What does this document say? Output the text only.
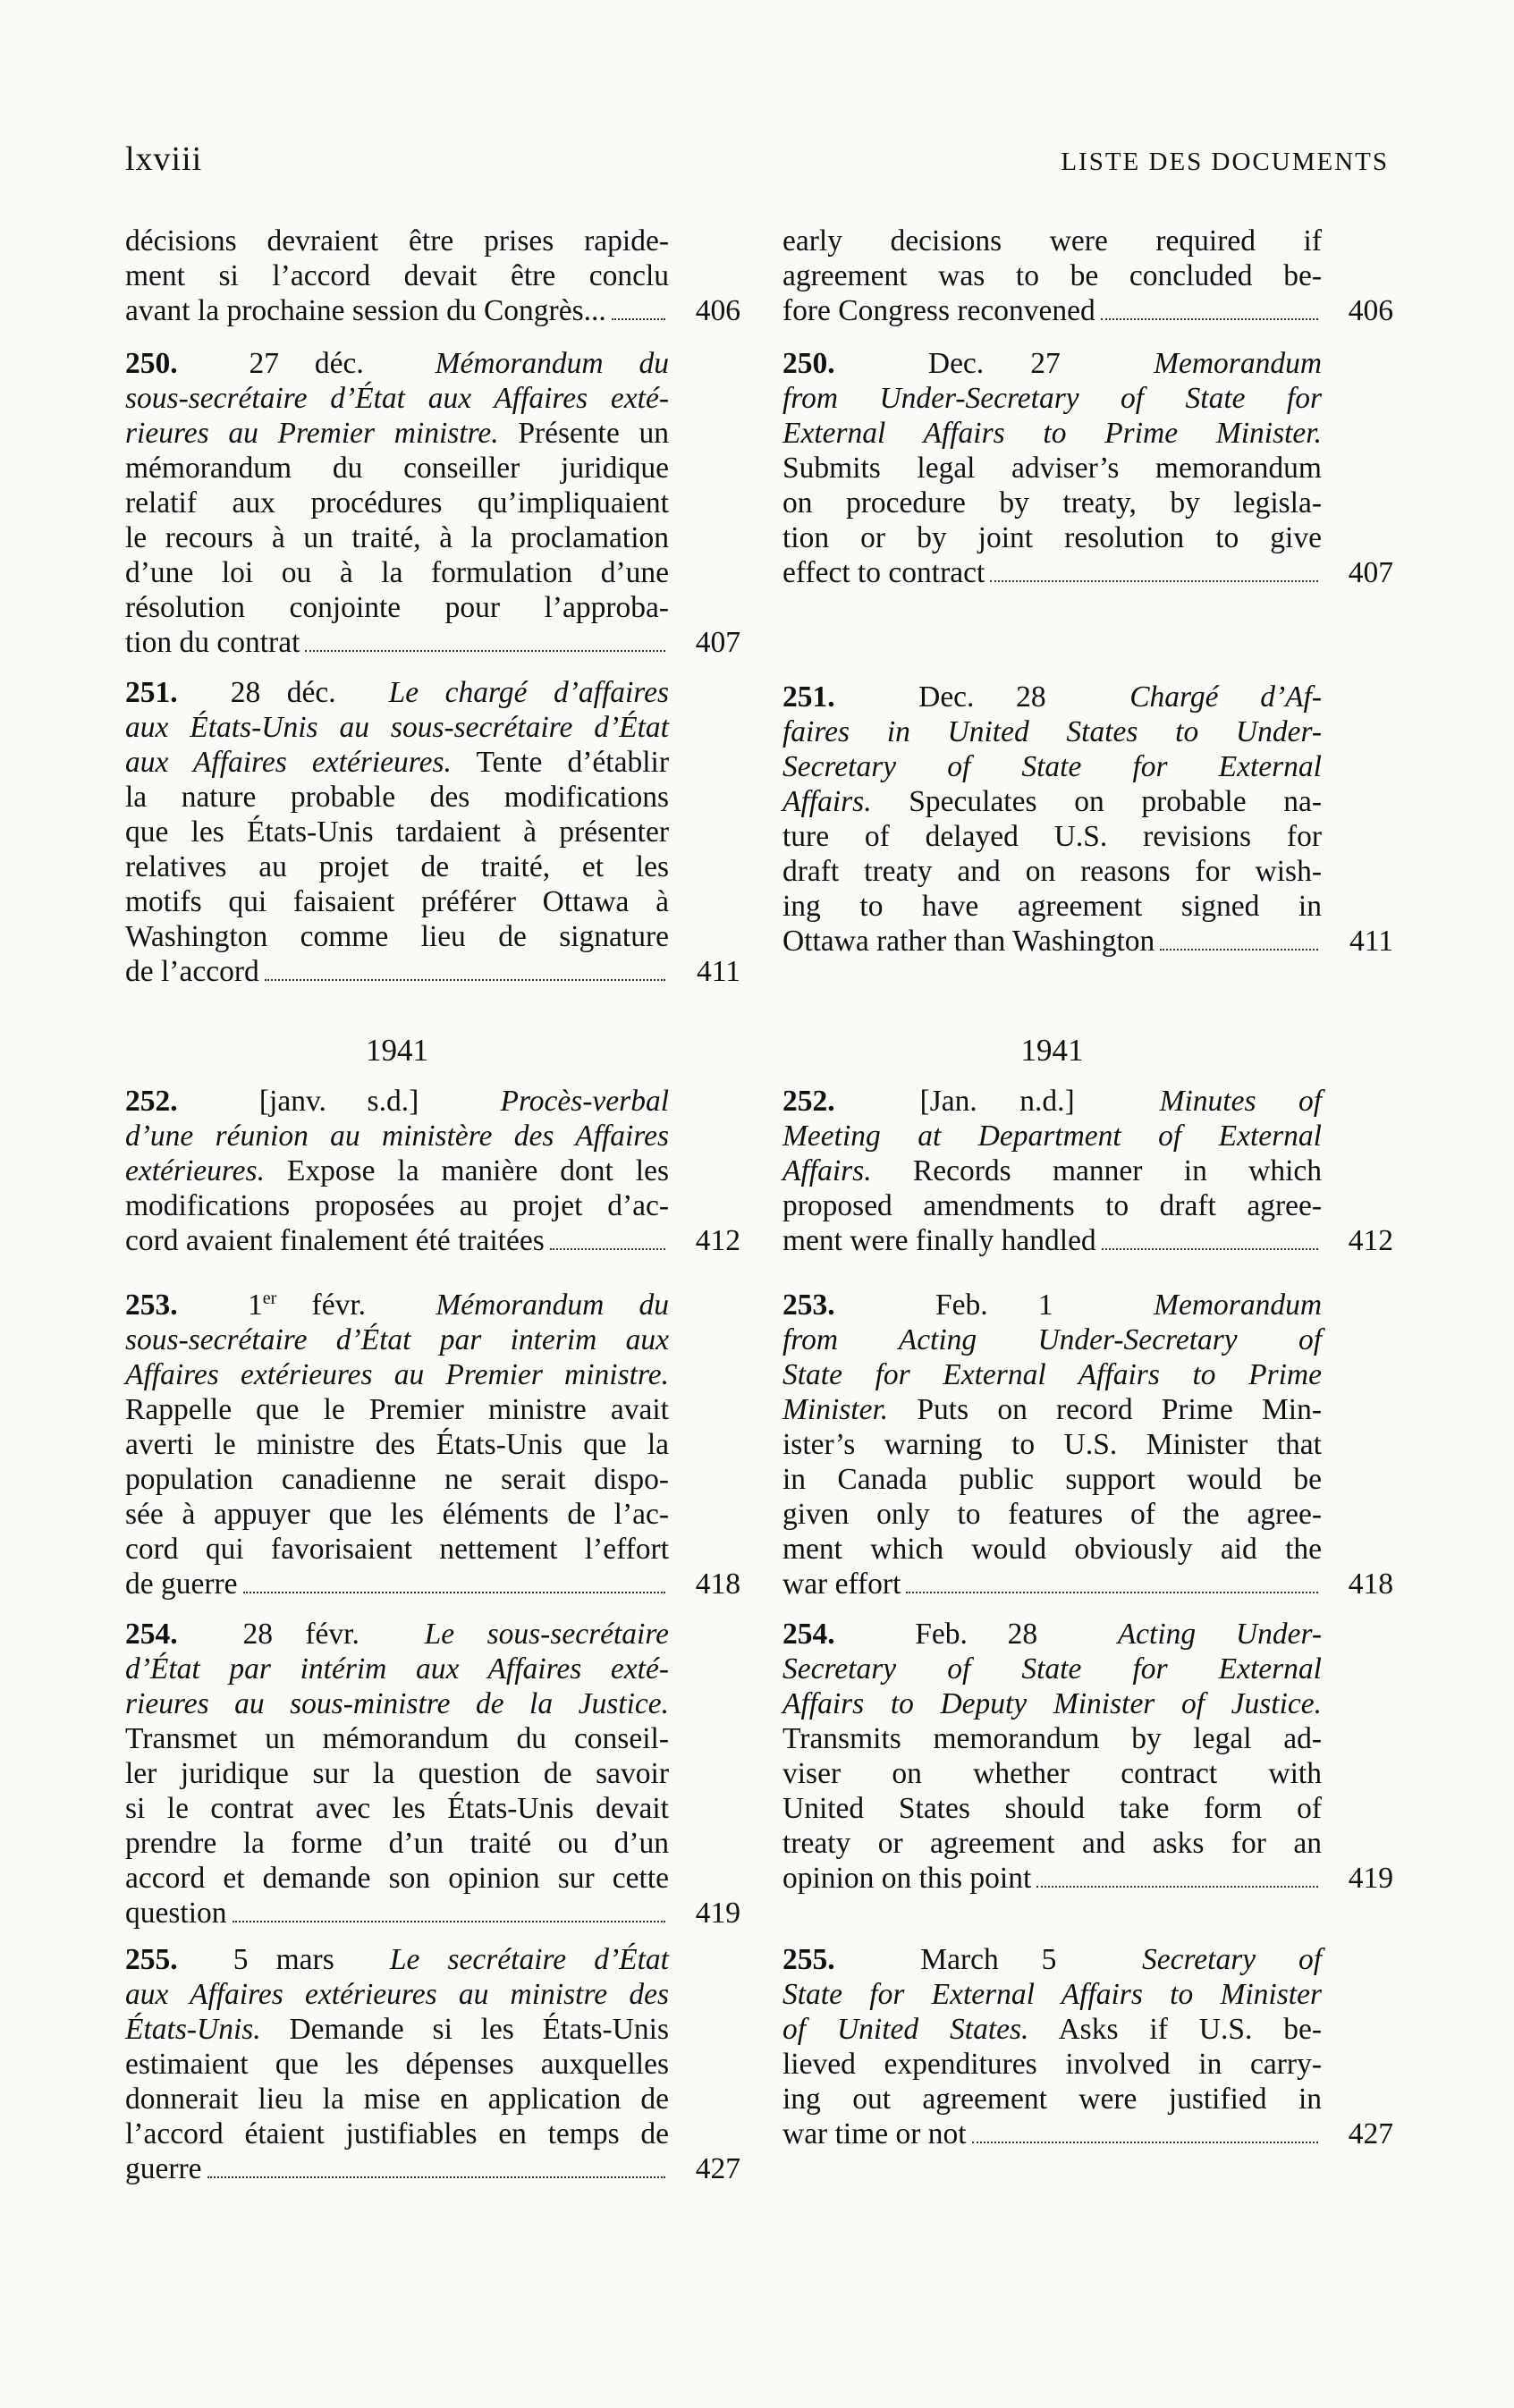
lxviii	LISTE DES DOCUMENTS
décisions devraient être prises rapide-
ment si l’accord devait être conclu
avant la prochaine session du Congrès...	406
250. 27 déc. Mémorandum du
sous-secrétaire d’État aux Affaires exté-
rieures au Premier ministre. Présente un
mémorandum du conseiller juridique
relatif aux procédures qu’impliquaient
le recours à un traité, à la proclamation
d’une loi ou à la formulation d’une
résolution conjointe pour l’approba-
tion du contrat	407
251. 28 déc. Le chargé d’affaires
aux États-Unis au sous-secrétaire d’État
aux Affaires extérieures. Tente d’établir
la nature probable des modifications
que les États-Unis tardaient à présenter
relatives au projet de traité, et les
motifs qui faisaient préférer Ottawa à
Washington comme lieu de signature
de l’accord	411
1941
252.	[janv. s.d.]	Procès-verbal
d’une réunion au ministère des Affaires
extérieures. Expose la manière dont les
modifications proposées au projet d’ac-
cord avaient finalement été traitées	412
253. 1er févr. Mémorandum du
sous-secrétaire d’État par interim aux
Affaires extérieures au Premier ministre.
Rappelle que le Premier ministre avait
averti le ministre des États-Unis que la
population canadienne ne serait dispo-
sée à appuyer que les éléments de l’ac-
cord qui favorisaient nettement l’effort
de guerre	418
254. 28 févr. Le sous-secrétaire
d’État par intérim aux Affaires exté-
rieures au sous-ministre de la Justice.
Transmet un mémorandum du conseil-
ler juridique sur la question de savoir
si le contrat avec les États-Unis devait
prendre la forme d’un traité ou d’un
accord et demande son opinion sur cette
question	419
255. 5 mars Le secrétaire d’État
aux Affaires extérieures au ministre des
États-Unis. Demande si les États-Unis
estimaient que les dépenses auxquelles
donnerait lieu la mise en application de
l’accord étaient justifiables en temps de
guerre	427
early decisions were required if
agreement was to be concluded be-
fore Congress reconvened	406
250.	Dec. 27	Memorandum
from Under-Secretary of State for
External Affairs to Prime Minister.
Submits legal adviser’s memorandum
on procedure by treaty, by legisla-
tion or by joint resolution to give
effect to contract	407
251.	Dec. 28	Chargé d’Af-
faires in United States to Under-
Secretary of State for External
Affairs. Speculates on probable na-
ture of delayed U.S. revisions for
draft treaty and on reasons for wish-
ing to have agreement signed in
Ottawa rather than Washington	411
1941
252.	[Jan. n.d.]	Minutes of
Meeting at Department of External
Affairs. Records manner in which
proposed amendments to draft agree-
ment were finally handled	412
253.	Feb. 1	Memorandum
from Acting Under-Secretary of
State for External Affairs to Prime
Minister. Puts on record Prime Min-
ister’s warning to U.S. Minister that
in Canada public support would be
given only to features of the agree-
ment which would obviously aid the
war effort	418
254.	Feb. 28	Acting Under-
Secretary of State for External
Affairs to Deputy Minister of Justice.
Transmits memorandum by legal ad-
viser on whether contract with
United States should take form of
treaty or agreement and asks for an
opinion on this point	419
255.	March 5	Secretary of
State for External Affairs to Minister
of United States. Asks if U.S. be-
lieved expenditures involved in carry-
ing out agreement were justified in
war time or not	427
